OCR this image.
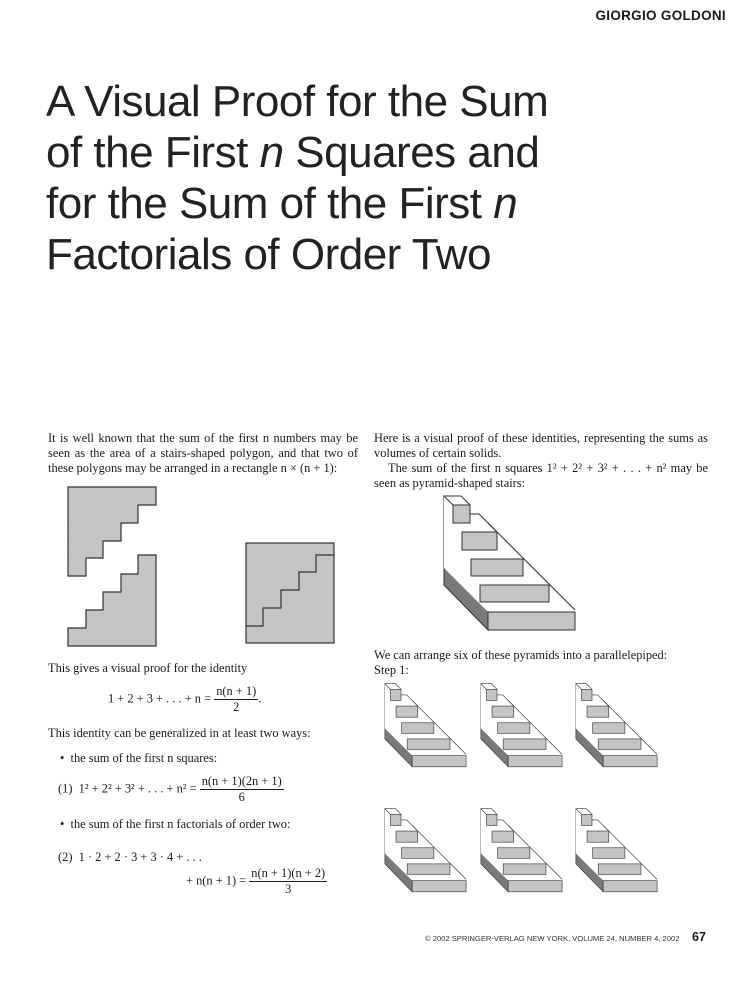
GIORGIO GOLDONI
A Visual Proof for the Sum
of the First n Squares and
for the Sum of the First n
Factorials of Order Two
It is well known that the sum of the first n numbers may be seen as the area of a stairs-shaped polygon, and that two of these polygons may be arranged in a rectangle n × (n + 1):
This gives a visual proof for the identity
1 + 2 + 3 + . . . + $n = \frac{n(n + 1)}{2}$ .
This identity can be generalized in at least two ways:
•  the sum of the first n squares:
(1) 1² + 2² + 3² + . . . + $n^2 = \frac{n(n + 1)(2n + 1)}{6}$
•  the sum of the first n factorials of order two:
(2) 1 · 2 + 2 · 3 + 3 · 4 + . . .
+ $n(n + 1) = \frac{n(n + 1)(n + 2)}{3}$
Here is a visual proof of these identities, representing the sums as volumes of certain solids.
The sum of the first n squares 1² + 2² + 3² + . . . + n² may be seen as pyramid-shaped stairs:
We can arrange six of these pyramids into a parallelepiped:
Step 1:
© 2002 SPRINGER-VERLAG NEW YORK, VOLUME 24, NUMBER 4, 2002 67
